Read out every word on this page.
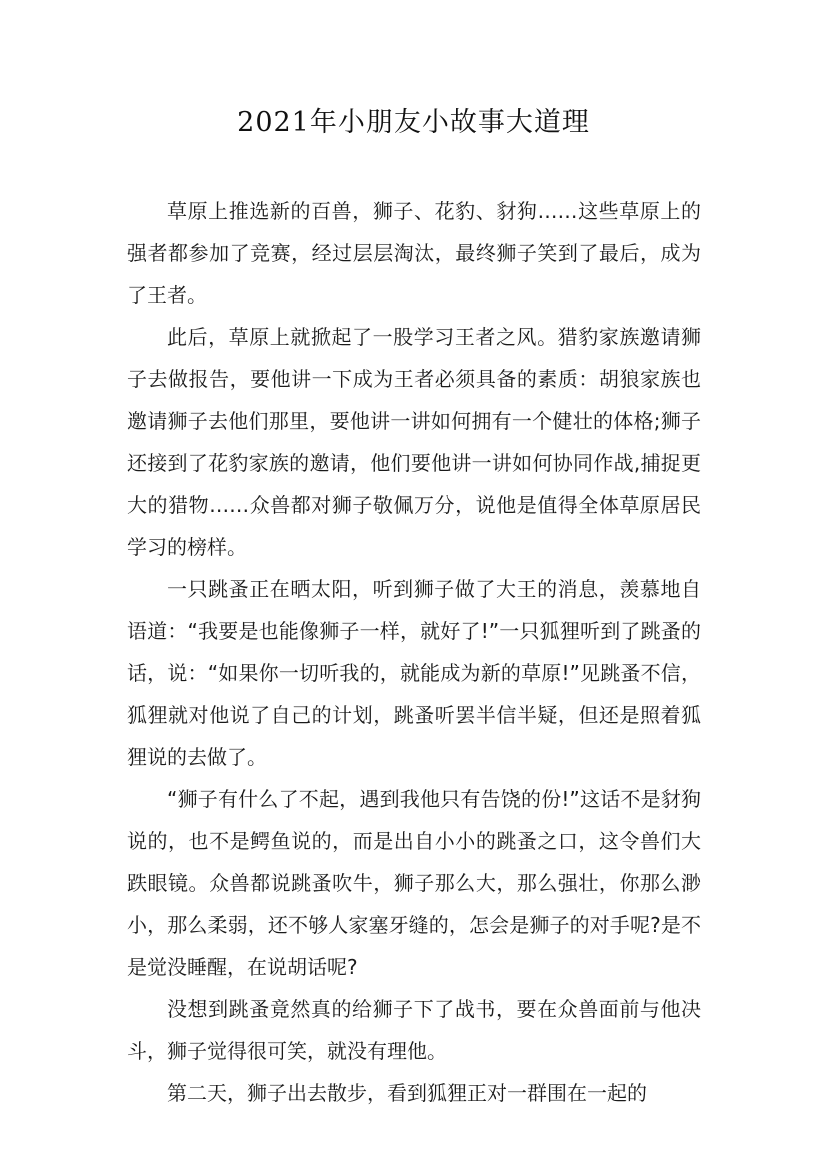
2021年小朋友小故事大道理

草原上推选新的百兽，狮子、花豹、豺狗……这些草原上的强者都参加了竞赛，经过层层淘汰，最终狮子笑到了最后，成为了王者。

此后，草原上就掀起了一股学习王者之风。猎豹家族邀请狮子去做报告，要他讲一下成为王者必须具备的素质：胡狼家族也邀请狮子去他们那里，要他讲一讲如何拥有一个健壮的体格;狮子还接到了花豹家族的邀请，他们要他讲一讲如何协同作战,捕捉更大的猎物……众兽都对狮子敬佩万分，说他是值得全体草原居民学习的榜样。

一只跳蚤正在晒太阳，听到狮子做了大王的消息，羡慕地自语道：“我要是也能像狮子一样，就好了!”一只狐狸听到了跳蚤的话，说：“如果你一切听我的，就能成为新的草原!”见跳蚤不信，狐狸就对他说了自己的计划，跳蚤听罢半信半疑，但还是照着狐狸说的去做了。

“狮子有什么了不起，遇到我他只有告饶的份!”这话不是豺狗说的，也不是鳄鱼说的，而是出自小小的跳蚤之口，这令兽们大跌眼镜。众兽都说跳蚤吹牛，狮子那么大，那么强壮，你那么渺小，那么柔弱，还不够人家塞牙缝的，怎会是狮子的对手呢?是不是觉没睡醒，在说胡话呢?

没想到跳蚤竟然真的给狮子下了战书，要在众兽面前与他决斗，狮子觉得很可笑，就没有理他。

第二天，狮子出去散步，看到狐狸正对一群围在一起的
